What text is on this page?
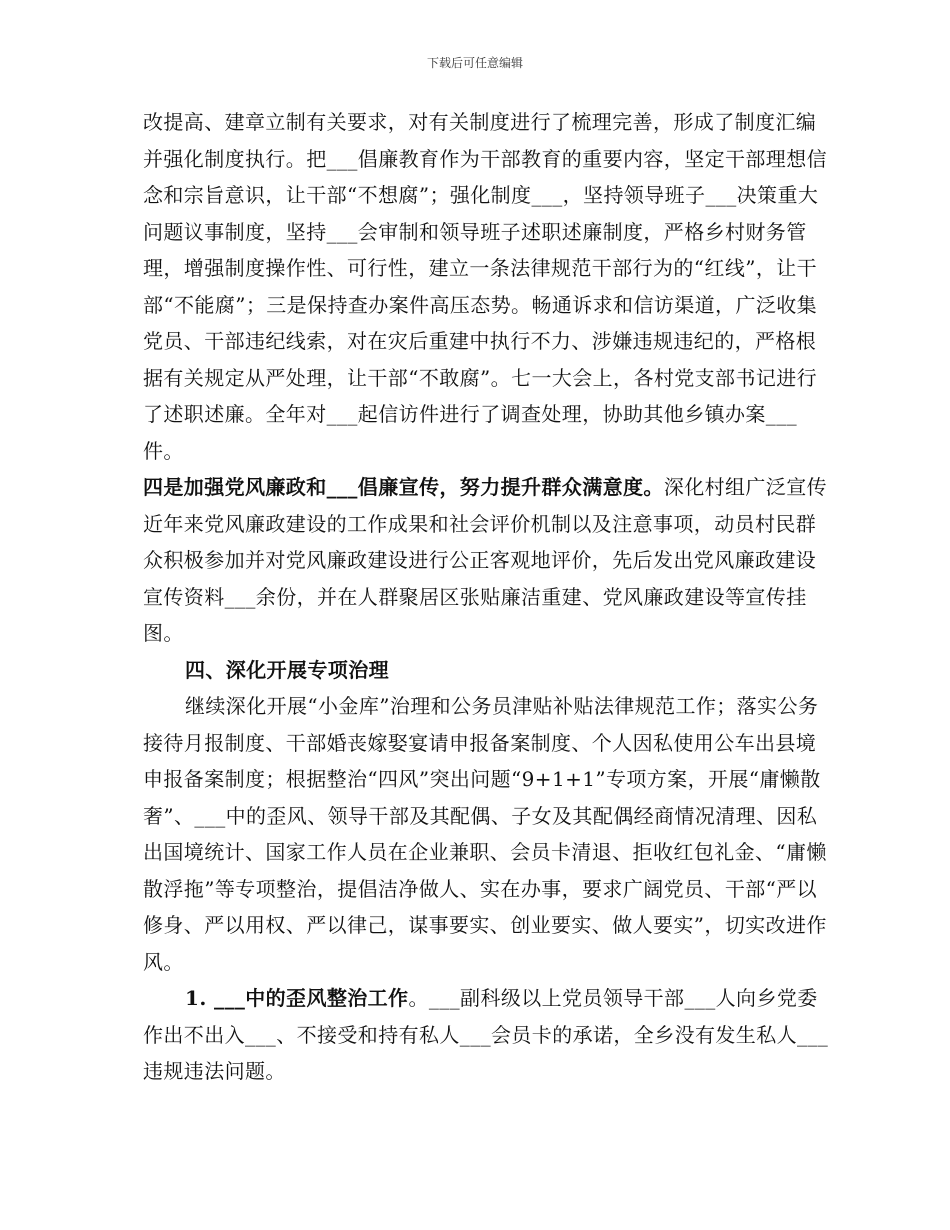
下载后可任意编辑

改提高、建章立制有关要求，对有关制度进行了梳理完善，形成了制度汇编并强化制度执行。把___倡廉教育作为干部教育的重要内容，坚定干部理想信念和宗旨意识，让干部“不想腐”；强化制度___，坚持领导班子___决策重大问题议事制度，坚持___会审制和领导班子述职述廉制度，严格乡村财务管理，增强制度操作性、可行性，建立一条法律规范干部行为的“红线”，让干部“不能腐”；三是保持查办案件高压态势。畅通诉求和信访渠道，广泛收集党员、干部违纪线索，对在灾后重建中执行不力、涉嫌违规违纪的，严格根据有关规定从严处理，让干部“不敢腐”。七一大会上，各村党支部书记进行了述职述廉。全年对___起信访件进行了调查处理，协助其他乡镇办案___件。

四是加强党风廉政和___倡廉宣传，努力提升群众满意度。深化村组广泛宣传近年来党风廉政建设的工作成果和社会评价机制以及注意事项，动员村民群众积极参加并对党风廉政建设进行公正客观地评价，先后发出党风廉政建设宣传资料___余份，并在人群聚居区张贴廉洁重建、党风廉政建设等宣传挂图。

四、深化开展专项治理

继续深化开展“小金库”治理和公务员津贴补贴法律规范工作；落实公务接待月报制度、干部婚丧嫁娶宴请申报备案制度、个人因私使用公车出县境申报备案制度；根据整治“四风”突出问题“9+1+1”专项方案，开展“庸懒散奢”、___中的歪风、领导干部及其配偶、子女及其配偶经商情况清理、因私出国境统计、国家工作人员在企业兼职、会员卡清退、拒收红包礼金、“庸懒散浮拖”等专项整治，提倡洁净做人、实在办事，要求广阔党员、干部“严以修身、严以用权、严以律己，谋事要实、创业要实、做人要实”，切实改进作风。

1. ___中的歪风整治工作。___副科级以上党员领导干部___人向乡党委作出不出入___、不接受和持有私人___会员卡的承诺，全乡没有发生私人___违规违法问题。
